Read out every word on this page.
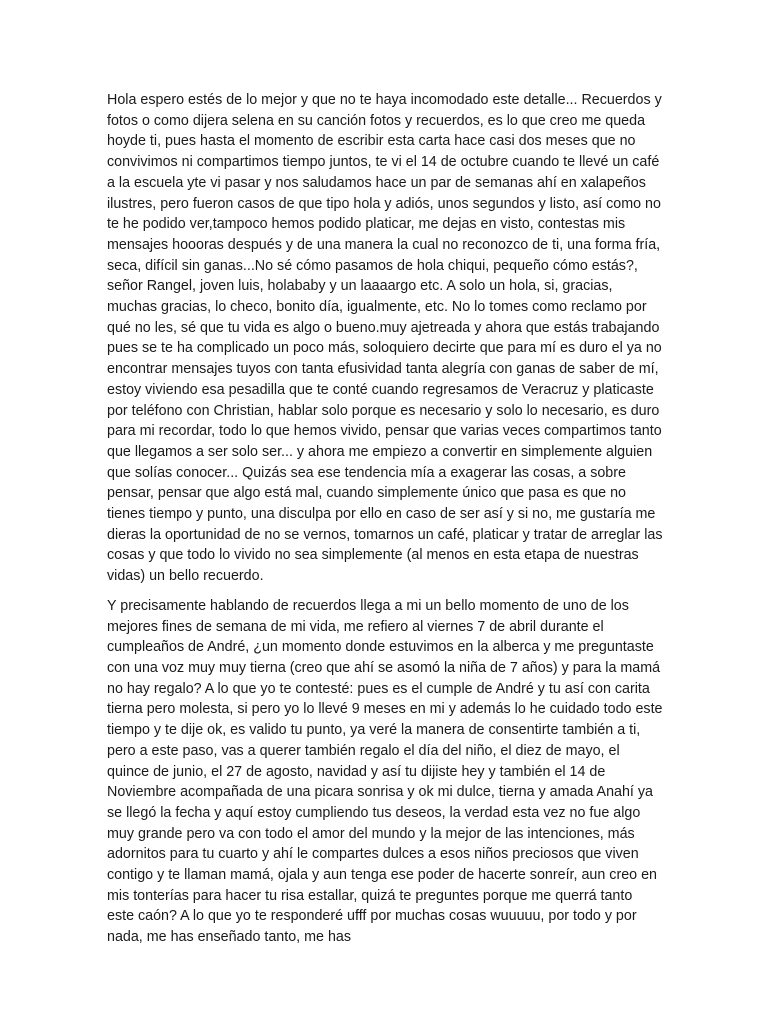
Hola espero estés de lo mejor y que no te haya incomodado este detalle... Recuerdos y fotos o como dijera selena en su canción fotos y recuerdos, es lo que creo me queda hoyde ti, pues hasta el momento de escribir esta carta hace casi dos meses que no convivimos ni compartimos tiempo juntos, te vi el 14 de octubre cuando te llevé un café a la escuela yte vi pasar y nos saludamos hace un par de semanas ahí en xalapeños ilustres, pero fueron casos de que tipo hola y adiós, unos segundos y listo, así como no te he podido ver,tampoco hemos podido platicar, me dejas en visto, contestas mis mensajes hoooras después y de una manera la cual no reconozco de ti, una forma fría, seca, difícil sin ganas...No sé cómo pasamos de hola chiqui, pequeño cómo estás?, señor Rangel, joven luis, holababy y un laaaargo etc. A solo un hola, si, gracias, muchas gracias, lo checo, bonito día, igualmente, etc. No lo tomes como reclamo por qué no les, sé que tu vida es algo o bueno.muy ajetreada y ahora que estás trabajando pues se te ha complicado un poco más, soloquiero decirte que para mí es duro el ya no encontrar mensajes tuyos con tanta efusividad tanta alegría con ganas de saber de mí, estoy viviendo esa pesadilla que te conté cuando regresamos de Veracruz y platicaste por teléfono con Christian, hablar solo porque es necesario y solo lo necesario, es duro para mi recordar, todo lo que hemos vivido, pensar que varias veces compartimos tanto que llegamos a ser solo ser... y ahora me empiezo a convertir en simplemente alguien que solías conocer... Quizás sea ese tendencia mía a exagerar las cosas, a sobre pensar, pensar que algo está mal, cuando simplemente único que pasa es que no tienes tiempo y punto, una disculpa por ello en caso de ser así y si no, me gustaría me dieras la oportunidad de no se vernos, tomarnos un café, platicar y tratar de arreglar las cosas y que todo lo vivido no sea simplemente (al menos en esta etapa de nuestras vidas) un bello recuerdo.

Y precisamente hablando de recuerdos llega a mi un bello momento de uno de los mejores fines de semana de mi vida, me refiero al viernes 7 de abril durante el cumpleaños de André, ¿un momento donde estuvimos en la alberca y me preguntaste con una voz muy muy tierna (creo que ahí se asomó la niña de 7 años) y para la mamá no hay regalo? A lo que yo te contesté: pues es el cumple de André y tu así con carita tierna pero molesta, si pero yo lo llevé 9 meses en mi y además lo he cuidado todo este tiempo y te dije ok, es valido tu punto, ya veré la manera de consentirte también a ti, pero a este paso, vas a querer también regalo el día del niño, el diez de mayo, el quince de junio, el 27 de agosto, navidad y así tu dijiste hey y también el 14 de Noviembre acompañada de una picara sonrisa y ok mi dulce, tierna y amada Anahí ya se llegó la fecha y aquí estoy cumpliendo tus deseos, la verdad esta vez no fue algo muy grande pero va con todo el amor del mundo y la mejor de las intenciones, más adornitos para tu cuarto y ahí le compartes dulces a esos niños preciosos que viven contigo y te llaman mamá, ojala y aun tenga ese poder de hacerte sonreír, aun creo en mis tonterías para hacer tu risa estallar, quizá te preguntes porque me querrá tanto este caón? A lo que yo te responderé ufff por muchas cosas wuuuuu, por todo y por nada, me has enseñado tanto, me has
